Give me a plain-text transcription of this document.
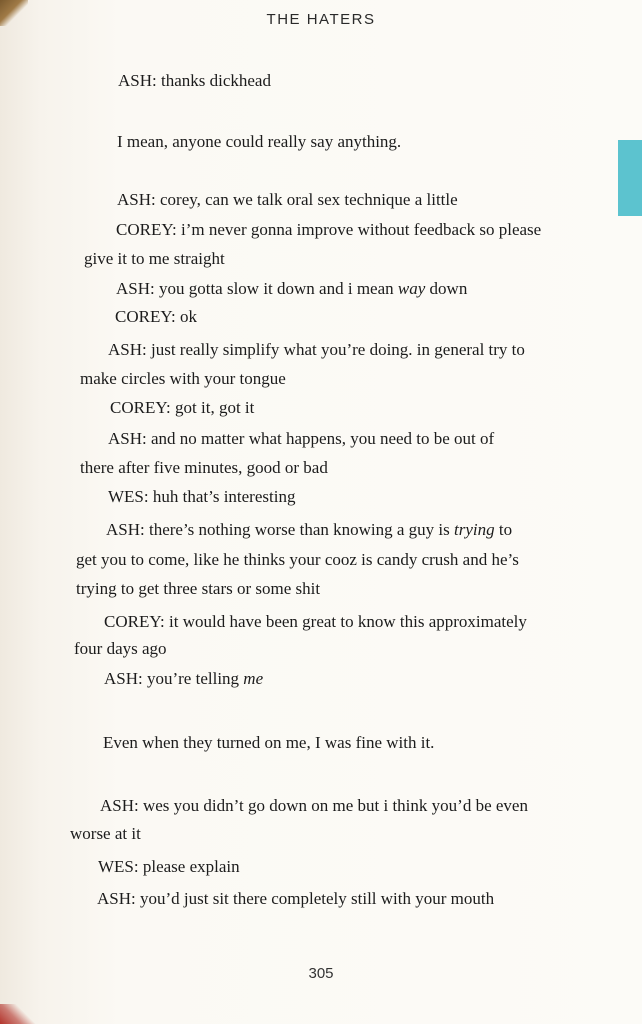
THE HATERS
ASH: thanks dickhead
I mean, anyone could really say anything.
ASH: corey, can we talk oral sex technique a little
COREY: i’m never gonna improve without feedback so please
give it to me straight
ASH: you gotta slow it down and i mean way down
COREY: ok
ASH: just really simplify what you’re doing. in general try to
make circles with your tongue
COREY: got it, got it
ASH: and no matter what happens, you need to be out of
there after five minutes, good or bad
WES: huh that’s interesting
ASH: there’s nothing worse than knowing a guy is trying to
get you to come, like he thinks your cooz is candy crush and he’s
trying to get three stars or some shit
COREY: it would have been great to know this approximately
four days ago
ASH: you’re telling me
Even when they turned on me, I was fine with it.
ASH: wes you didn’t go down on me but i think you’d be even
worse at it
WES: please explain
ASH: you’d just sit there completely still with your mouth
305
